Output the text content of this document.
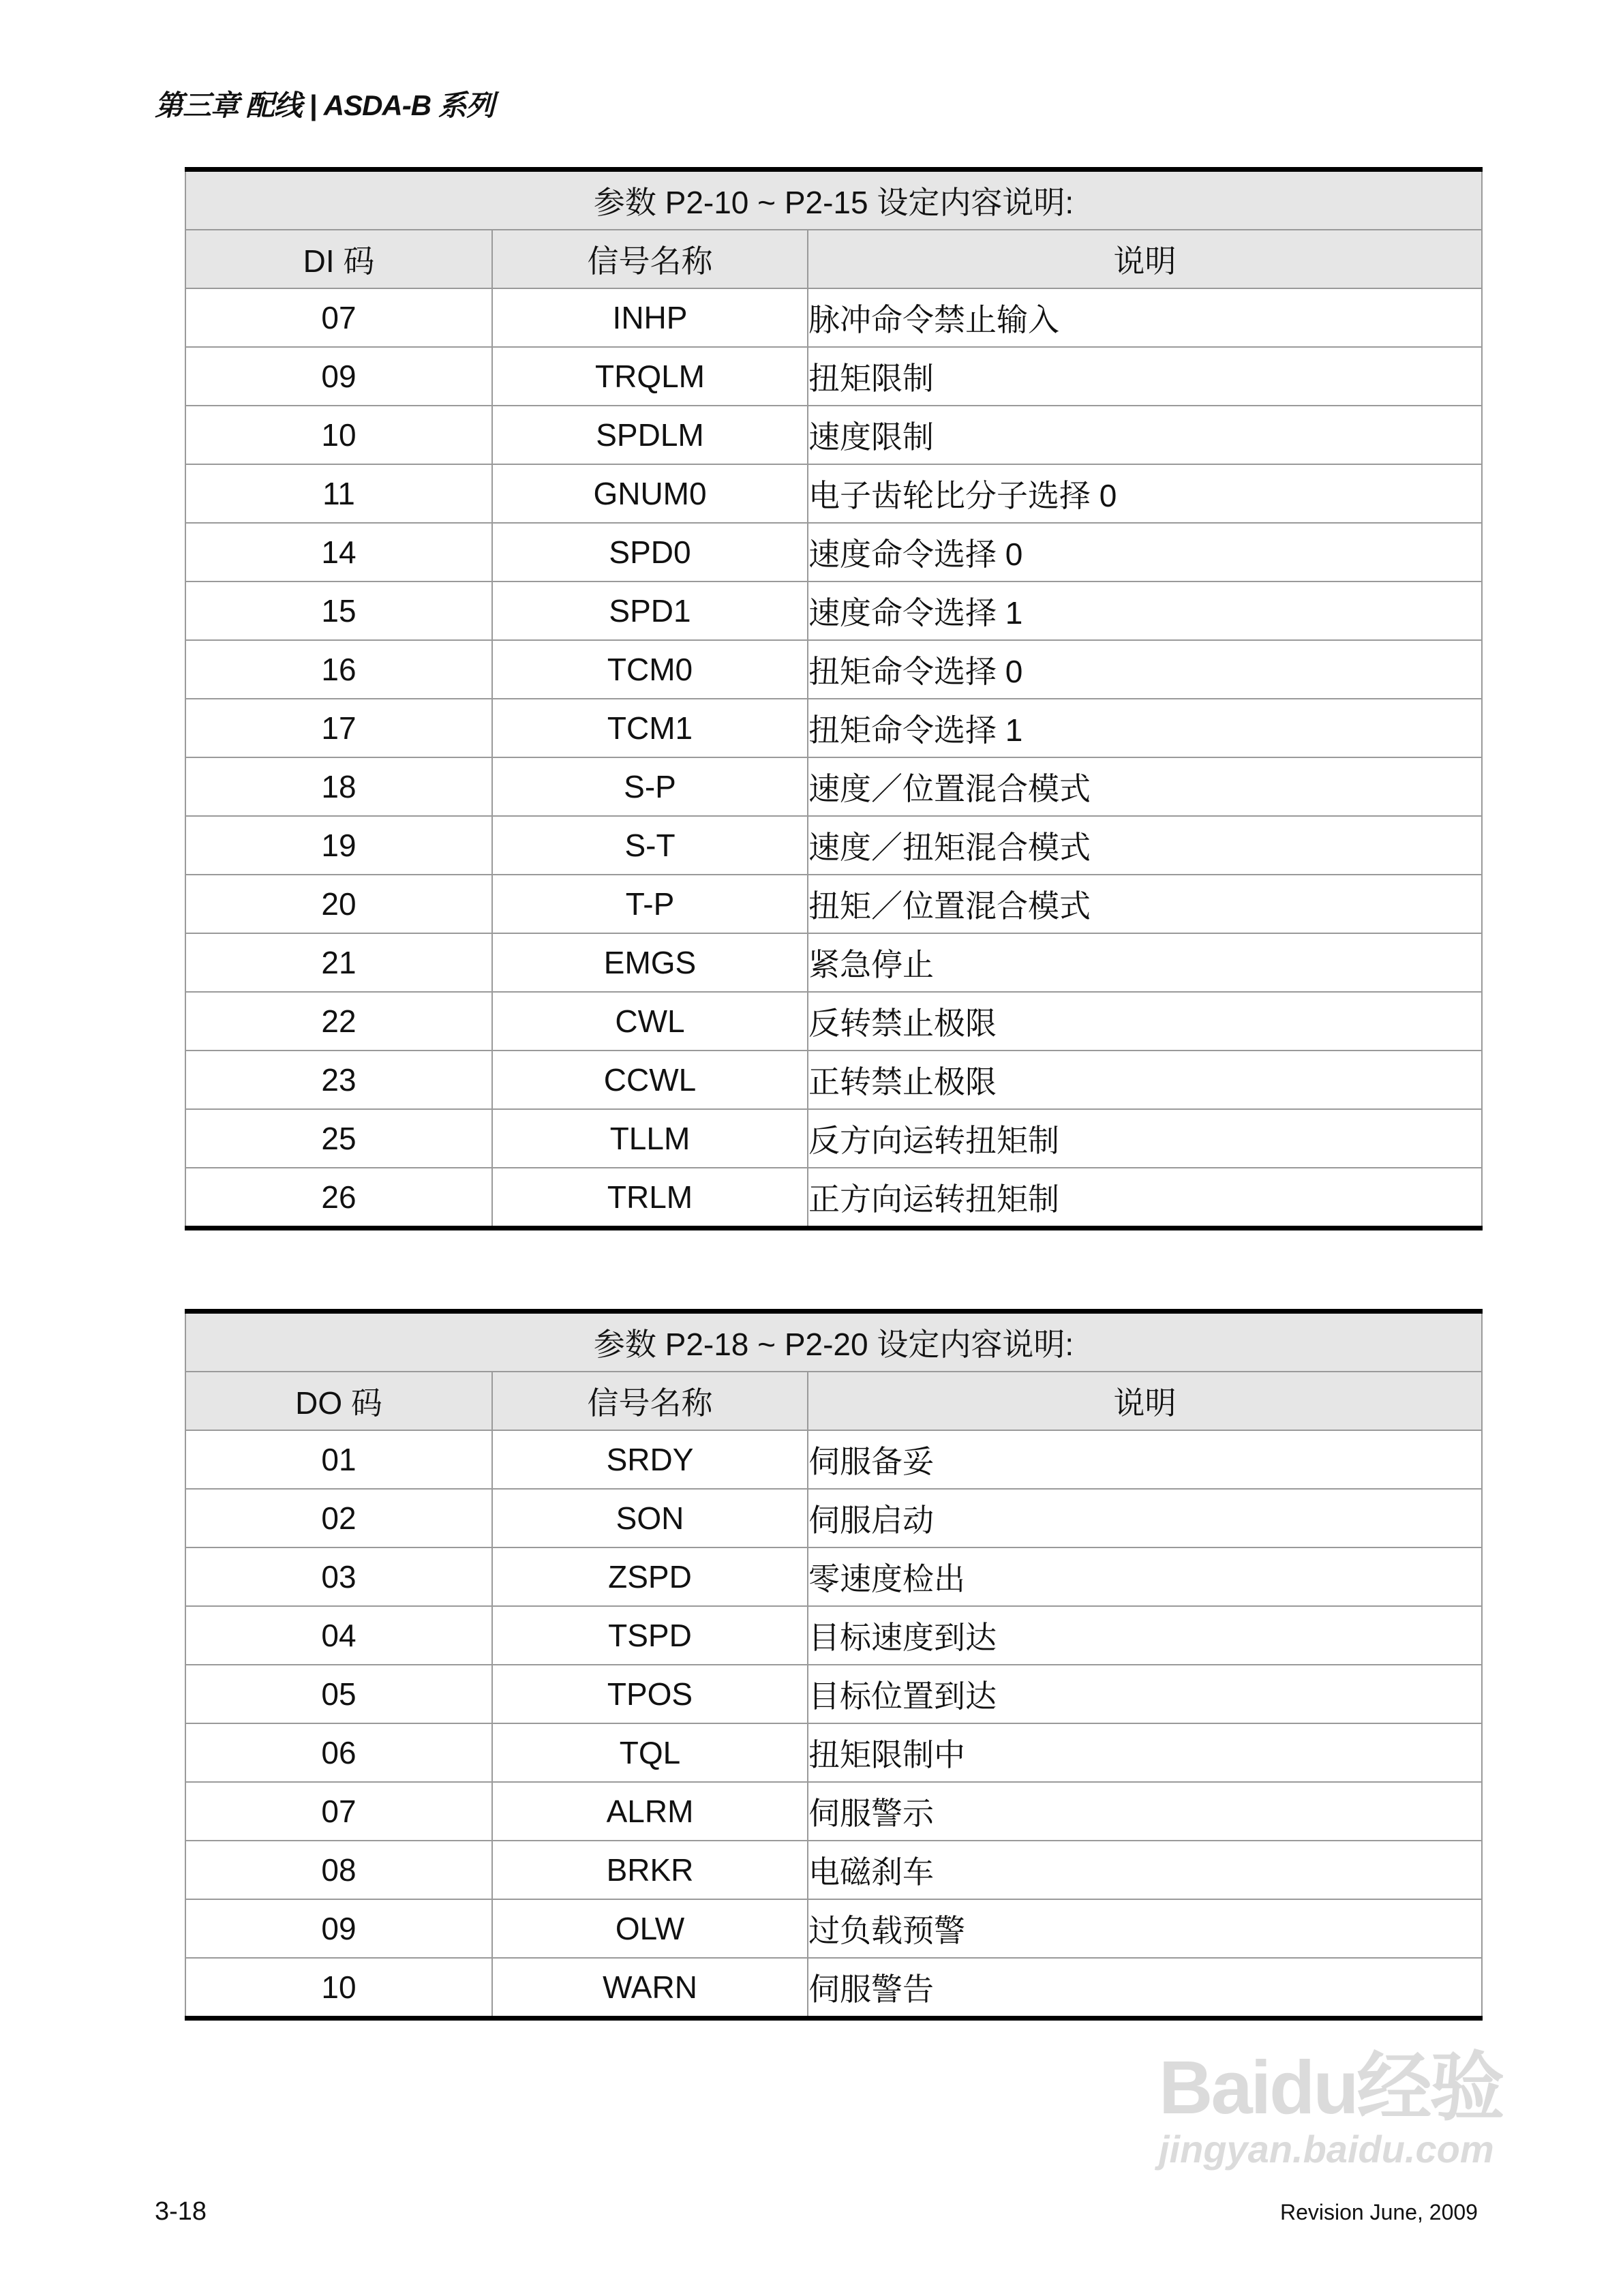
第三章 配线 | ASDA-B 系列
参数 P2-10 ~ P2-15 设定内容说明:		
DI 码	信号名称	说明
07	INHP	脉冲命令禁止输入
09	TRQLM	扭矩限制
10	SPDLM	速度限制
11	GNUM0	电子齿轮比分子选择 0
14	SPD0	速度命令选择 0
15	SPD1	速度命令选择 1
16	TCM0	扭矩命令选择 0
17	TCM1	扭矩命令选择 1
18	S-P	速度／位置混合模式
19	S-T	速度／扭矩混合模式
20	T-P	扭矩／位置混合模式
21	EMGS	紧急停止
22	CWL	反转禁止极限
23	CCWL	正转禁止极限
25	TLLM	反方向运转扭矩制
26	TRLM	正方向运转扭矩制
参数 P2-18 ~ P2-20 设定内容说明:		
DO 码	信号名称	说明
01	SRDY	伺服备妥
02	SON	伺服启动
03	ZSPD	零速度检出
04	TSPD	目标速度到达
05	TPOS	目标位置到达
06	TQL	扭矩限制中
07	ALRM	伺服警示
08	BRKR	电磁刹车
09	OLW	过负载预警
10	WARN	伺服警告
Baidu经验
jingyan.baidu.com
3-18	Revision June, 2009
